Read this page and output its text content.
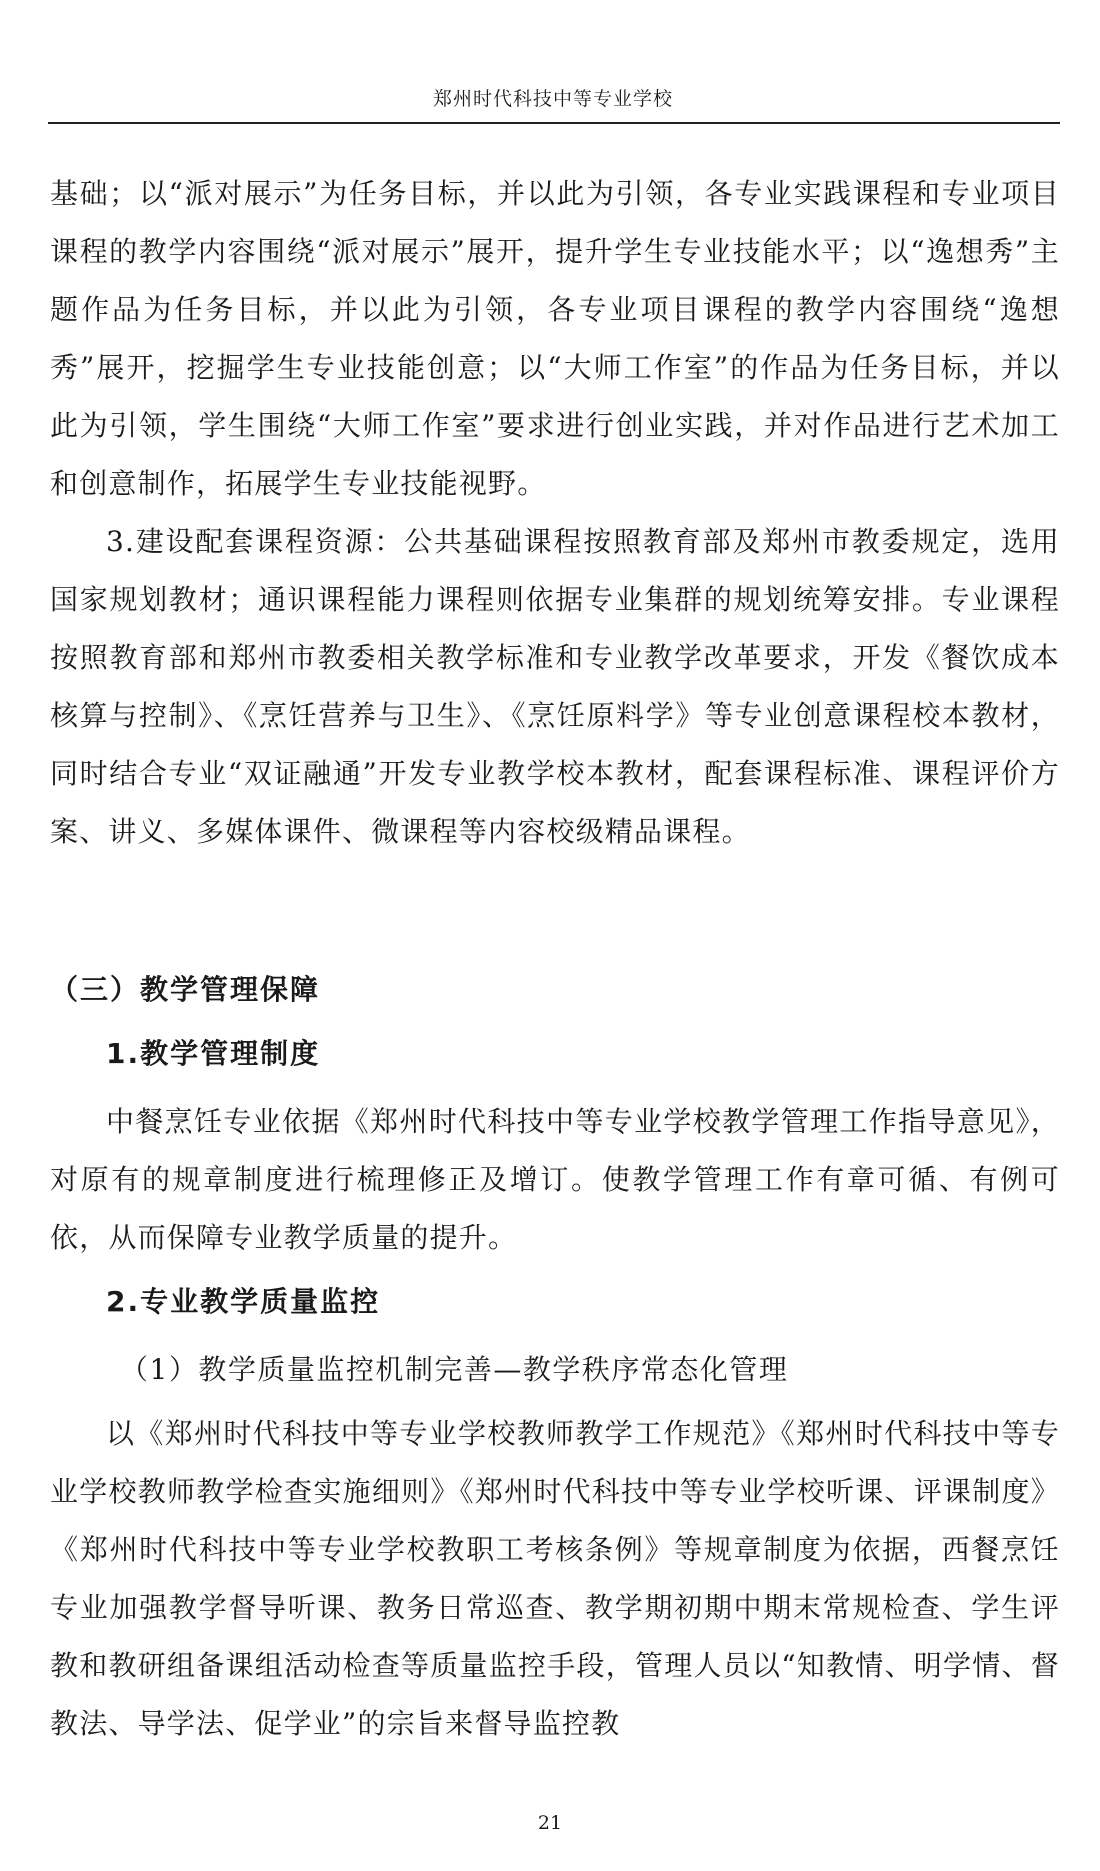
郑州时代科技中等专业学校

基础；以“派对展示”为任务目标，并以此为引领，各专业实践课程和专业项目课程的教学内容围绕“派对展示”展开，提升学生专业技能水平；以“逸想秀”主题作品为任务目标，并以此为引领，各专业项目课程的教学内容围绕“逸想秀”展开，挖掘学生专业技能创意；以“大师工作室”的作品为任务目标，并以此为引领，学生围绕“大师工作室”要求进行创业实践，并对作品进行艺术加工和创意制作，拓展学生专业技能视野。

3.建设配套课程资源：公共基础课程按照教育部及郑州市教委规定，选用国家规划教材；通识课程能力课程则依据专业集群的规划统筹安排。专业课程按照教育部和郑州市教委相关教学标准和专业教学改革要求，开发《餐饮成本核算与控制》、《烹饪营养与卫生》、《烹饪原料学》等专业创意课程校本教材，同时结合专业“双证融通”开发专业教学校本教材，配套课程标准、课程评价方案、讲义、多媒体课件、微课程等内容校级精品课程。

（三）教学管理保障
1.教学管理制度

中餐烹饪专业依据《郑州时代科技中等专业学校教学管理工作指导意见》，对原有的规章制度进行梳理修正及增订。使教学管理工作有章可循、有例可依，从而保障专业教学质量的提升。

2.专业教学质量监控
（1）教学质量监控机制完善—教学秩序常态化管理

以《郑州时代科技中等专业学校教师教学工作规范》《郑州时代科技中等专业学校教师教学检查实施细则》《郑州时代科技中等专业学校听课、评课制度》《郑州时代科技中等专业学校教职工考核条例》等规章制度为依据，西餐烹饪专业加强教学督导听课、教务日常巡查、教学期初期中期末常规检查、学生评教和教研组备课组活动检查等质量监控手段，管理人员以“知教情、明学情、督教法、导学法、促学业”的宗旨来督导监控教

21
